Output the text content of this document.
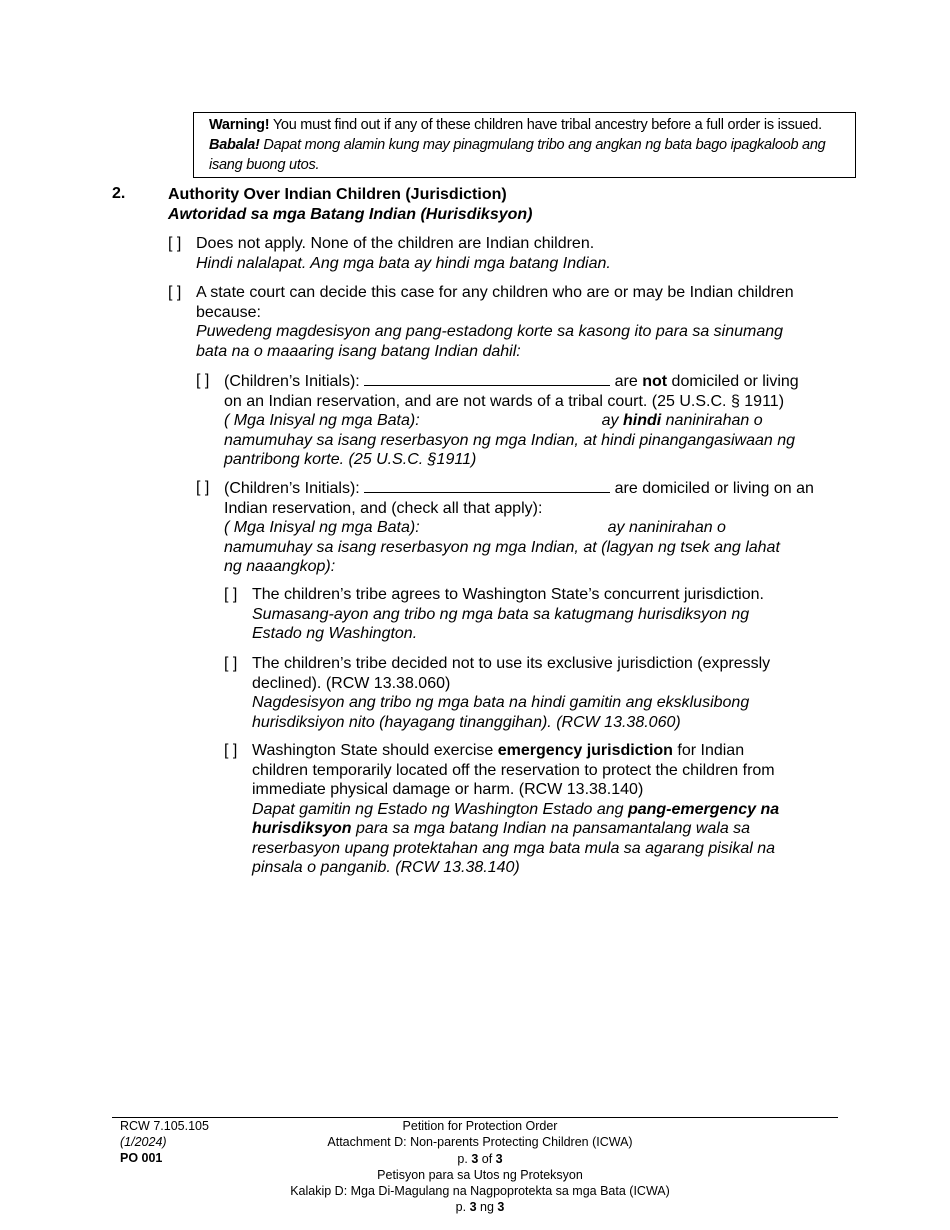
Warning! You must find out if any of these children have tribal ancestry before a full order is issued.
Babala! Dapat mong alamin kung may pinagmulang tribo ang angkan ng bata bago ipagkaloob ang
isang buong utos.
2.	Authority Over Indian Children (Jurisdiction)
Awtoridad sa mga Batang Indian (Hurisdiksyon)
[ ] Does not apply. None of the children are Indian children.
Hindi nalalapat. Ang mga bata ay hindi mga batang Indian.
[ ] A state court can decide this case for any children who are or may be Indian children
because:
Puwedeng magdesisyon ang pang-estadong korte sa kasong ito para sa sinumang
bata na o maaaring isang batang Indian dahil:
[ ] (Children’s Initials):	are not domiciled or living
on an Indian reservation, and are not wards of a tribal court. (25 U.S.C. § 1911)
( Mga Inisyal ng mga Bata):	ay hindi naninirahan o
namumuhay sa isang reserbasyon ng mga Indian, at hindi pinangangasiwaan ng
pantribong korte. (25 U.S.C. §1911)
[ ] (Children’s Initials):	are domiciled or living on an
Indian reservation, and (check all that apply):
( Mga Inisyal ng mga Bata):	ay naninirahan o
namumuhay sa isang reserbasyon ng mga Indian, at (lagyan ng tsek ang lahat
ng naaangkop):
[ ] The children’s tribe agrees to Washington State’s concurrent jurisdiction.
Sumasang-ayon ang tribo ng mga bata sa katugmang hurisdiksyon ng
Estado ng Washington.
[ ] The children’s tribe decided not to use its exclusive jurisdiction (expressly
declined). (RCW 13.38.060)
Nagdesisyon ang tribo ng mga bata na hindi gamitin ang eksklusibong
hurisdiksiyon nito (hayagang tinanggihan). (RCW 13.38.060)
[ ] Washington State should exercise emergency jurisdiction for Indian
children temporarily located off the reservation to protect the children from
immediate physical damage or harm. (RCW 13.38.140)
Dapat gamitin ng Estado ng Washington Estado ang pang-emergency na
hurisdiksyon para sa mga batang Indian na pansamantalang wala sa
reserbasyon upang protektahan ang mga bata mula sa agarang pisikal na
pinsala o panganib. (RCW 13.38.140)
RCW 7.105.105
(1/2024)
PO 001
Petition for Protection Order
Attachment D: Non-parents Protecting Children (ICWA)
p. 3 of 3
Petisyon para sa Utos ng Proteksyon
Kalakip D: Mga Di-Magulang na Nagpoprotekta sa mga Bata (ICWA)
p. 3 ng 3
